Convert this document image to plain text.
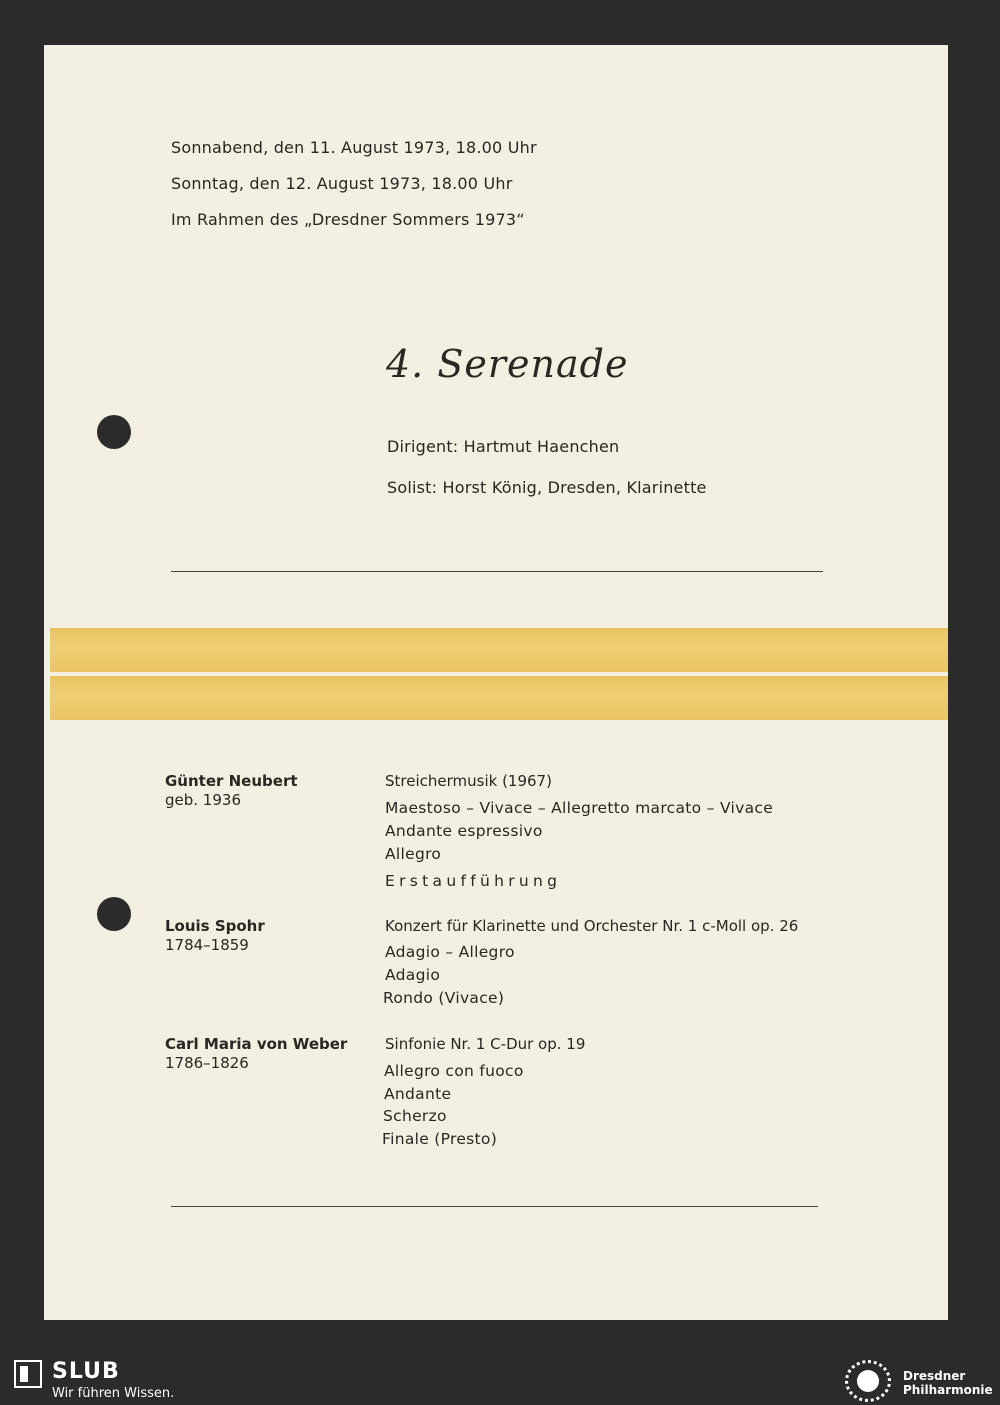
Sonnabend, den 11. August 1973, 18.00 Uhr
Sonntag, den 12. August 1973, 18.00 Uhr
Im Rahmen des „Dresdner Sommers 1973“
4. Serenade
Dirigent: Hartmut Haenchen
Solist: Horst König, Dresden, Klarinette
Günter Neubert
geb. 1936
Streichermusik (1967)
Maestoso – Vivace – Allegretto marcato – Vivace
Andante espressivo
Allegro
Erstaufführung
Louis Spohr
1784–1859
Konzert für Klarinette und Orchester Nr. 1 c-Moll op. 26
Adagio – Allegro
Adagio
Rondo (Vivace)
Carl Maria von Weber
1786–1826
Sinfonie Nr. 1 C-Dur op. 19
Allegro con fuoco
Andante
Scherzo
Finale (Presto)
SLUB
Wir führen Wissen.
Dresdner
Philharmonie
